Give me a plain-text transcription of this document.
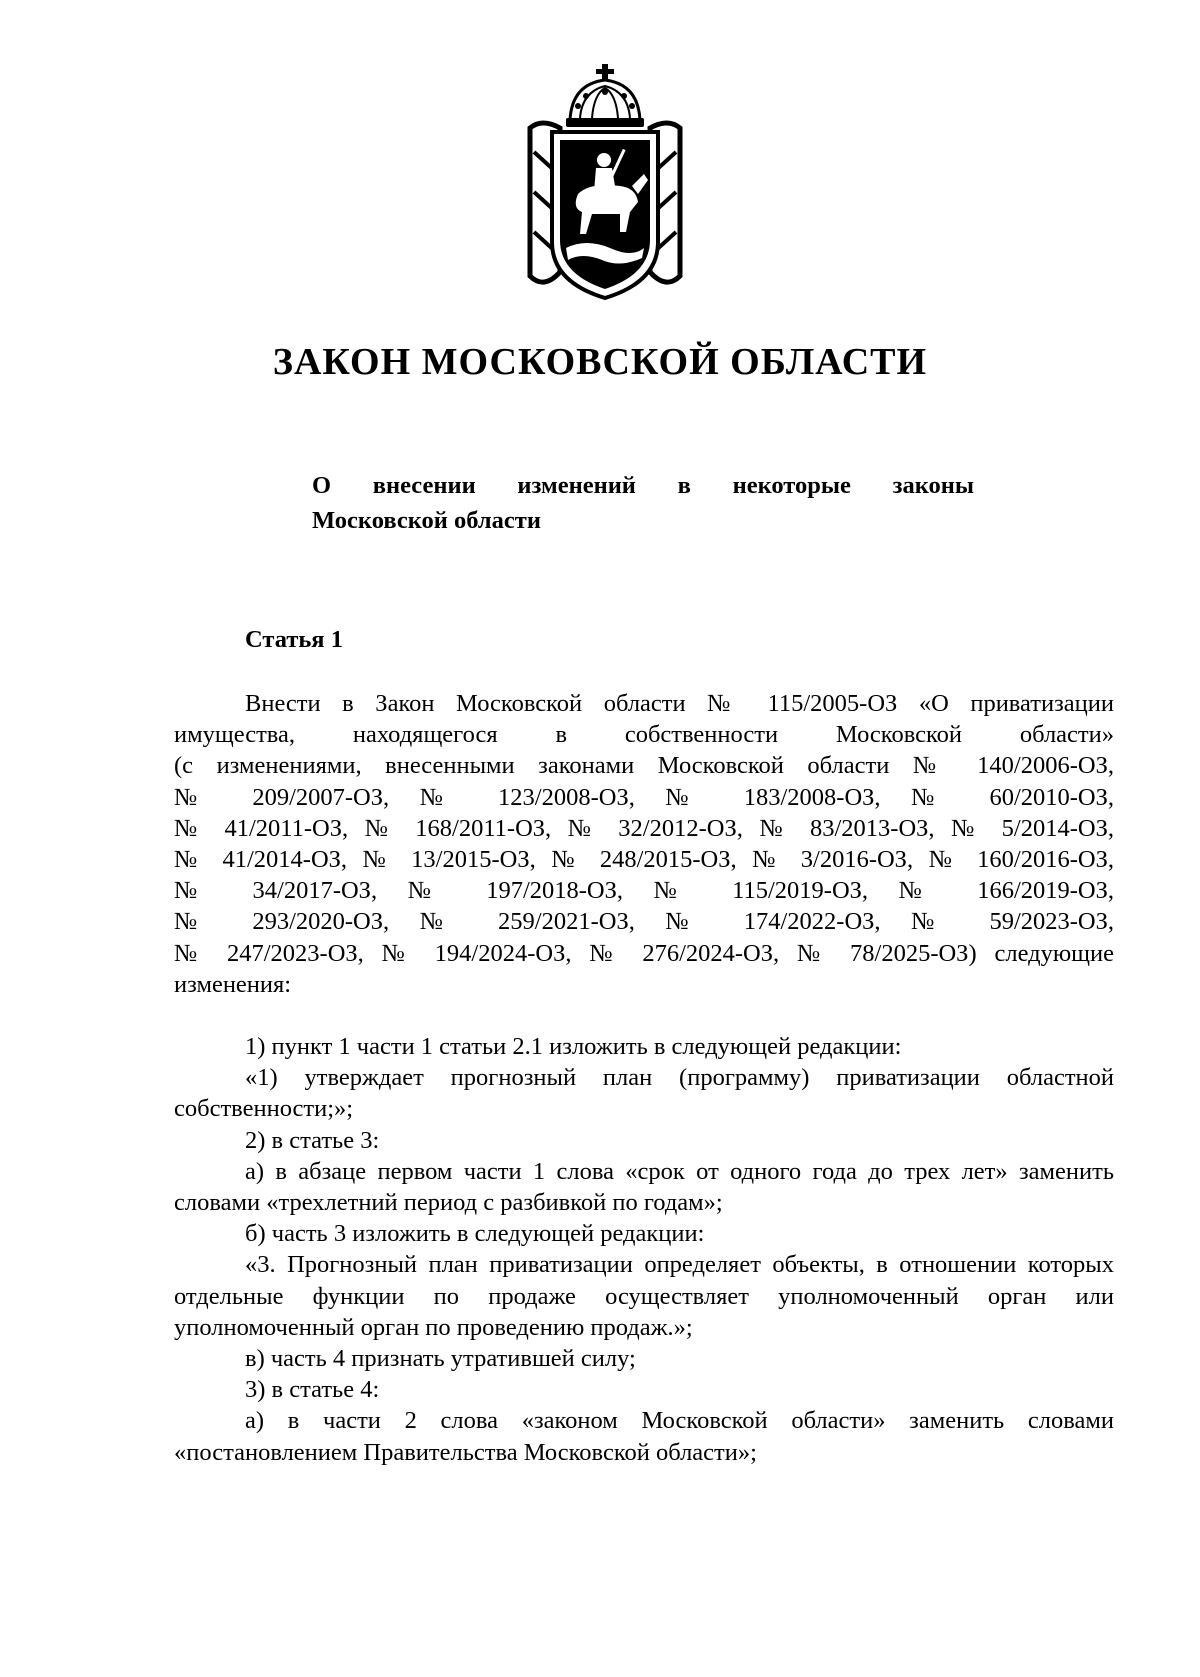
ЗАКОН МОСКОВСКОЙ ОБЛАСТИ
О внесении изменений в некоторые законы
Московской области
Статья 1
Внести в Закон Московской области № 115/2005-ОЗ «О приватизации
имущества, находящегося в собственности Московской области»
(с изменениями, внесенными законами Московской области № 140/2006-ОЗ,
№ 209/2007-ОЗ, № 123/2008-ОЗ, № 183/2008-ОЗ, № 60/2010-ОЗ,
№ 41/2011-ОЗ, № 168/2011-ОЗ, № 32/2012-ОЗ, № 83/2013-ОЗ, № 5/2014-ОЗ,
№ 41/2014-ОЗ, № 13/2015-ОЗ, № 248/2015-ОЗ, № 3/2016-ОЗ, № 160/2016-ОЗ,
№ 34/2017-ОЗ, № 197/2018-ОЗ, № 115/2019-ОЗ, № 166/2019-ОЗ,
№ 293/2020-ОЗ, № 259/2021-ОЗ, № 174/2022-ОЗ, № 59/2023-ОЗ,
№ 247/2023-ОЗ, № 194/2024-ОЗ, № 276/2024-ОЗ, № 78/2025-ОЗ) следующие
изменения:

1) пункт 1 части 1 статьи 2.1 изложить в следующей редакции:

«1) утверждает прогнозный план (программу) приватизации областной собственности;»;

2) в статье 3:

а) в абзаце первом части 1 слова «срок от одного года до трех лет» заменить словами «трехлетний период с разбивкой по годам»;

б) часть 3 изложить в следующей редакции:

«3. Прогнозный план приватизации определяет объекты, в отношении которых отдельные функции по продаже осуществляет уполномоченный орган или уполномоченный орган по проведению продаж.»;

в) часть 4 признать утратившей силу;

3) в статье 4:

а) в части 2 слова «законом Московской области» заменить словами «постановлением Правительства Московской области»;
